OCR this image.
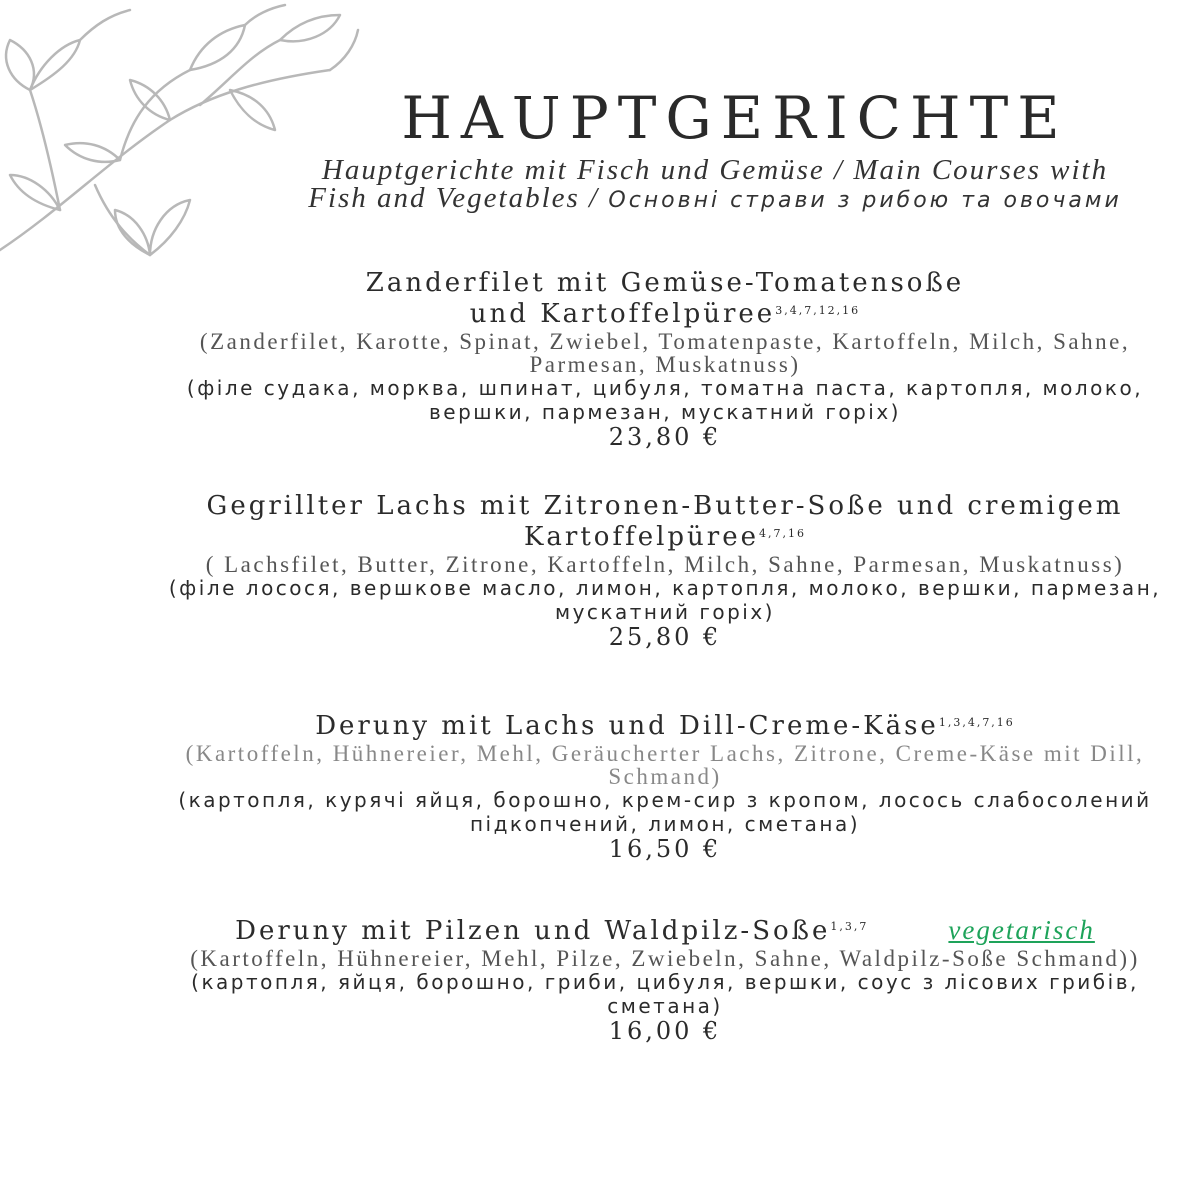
HAUPTGERICHTE

Hauptgerichte mit Fisch und Gemüse / Main Courses with Fish and Vegetables / Основні страви з рибою та овочами

Zanderfilet mit Gemüse-Tomatensoße
und Kartoffelpüree$^{3,4,7,12,16}$
(Zanderfilet, Karotte, Spinat, Zwiebel, Tomatenpaste, Kartoffeln, Milch, Sahne, Parmesan, Muskatnuss)
(філе судака, морква, шпинат, цибуля, томатна паста, картопля, молоко, вершки, пармезан, мускатний горіх)
23,80 €
Gegrillter Lachs mit Zitronen-Butter-Soße und cremigem
Kartoffelpüree$^{4,7,16}$
( Lachsfilet, Butter, Zitrone, Kartoffeln, Milch, Sahne, Parmesan, Muskatnuss)
(філе лосося, вершкове масло, лимон, картопля, молоко, вершки, пармезан, мускатний горіх)
25,80 €
Deruny mit Lachs und Dill-Creme-Käse$^{1,3,4,7,16}$
(Kartoffeln, Hühnereier, Mehl, Geräucherter Lachs, Zitrone, Creme-Käse mit Dill, Schmand)
(картопля, курячі яйця, борошно, крем-сир з кропом, лосось слабосолений підкопчений, лимон, сметана)
16,50 €
Deruny mit Pilzen und Waldpilz-Soße$^{1,3,7}$	vegetarisch
(Kartoffeln, Hühnereier, Mehl, Pilze, Zwiebeln, Sahne, Waldpilz-Soße Schmand))
(картопля, яйця, борошно, гриби, цибуля, вершки, соус з лісових грибів, сметана)
16,00 €
